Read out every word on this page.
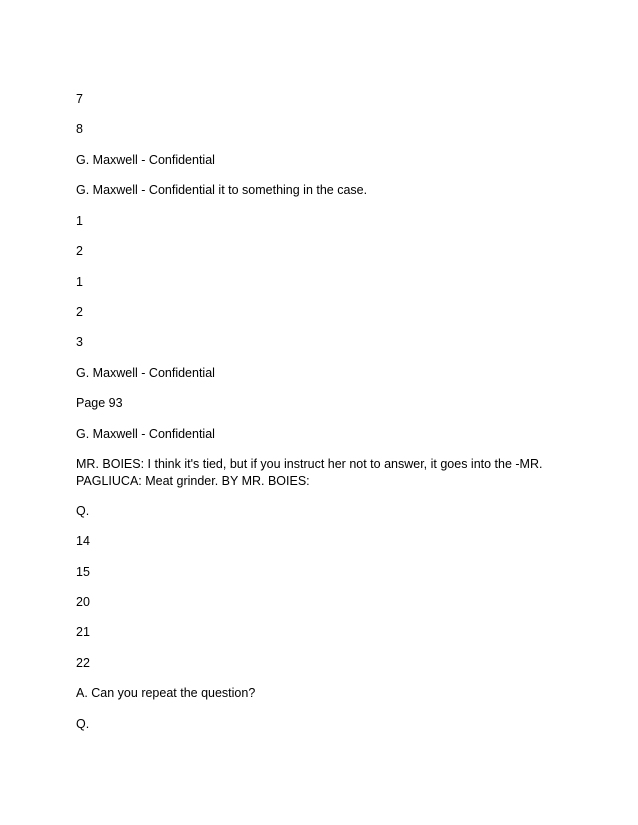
7

8

G. Maxwell - Confidential

G. Maxwell - Confidential it to something in the case.

1

2

1

2

3

G. Maxwell - Confidential

Page 93

G. Maxwell - Confidential

MR. BOIES: I think it's tied, but if you instruct her not to answer, it goes into the -MR. PAGLIUCA: Meat grinder. BY MR. BOIES:

Q.

14

15

20

21

22

A. Can you repeat the question?

Q.
